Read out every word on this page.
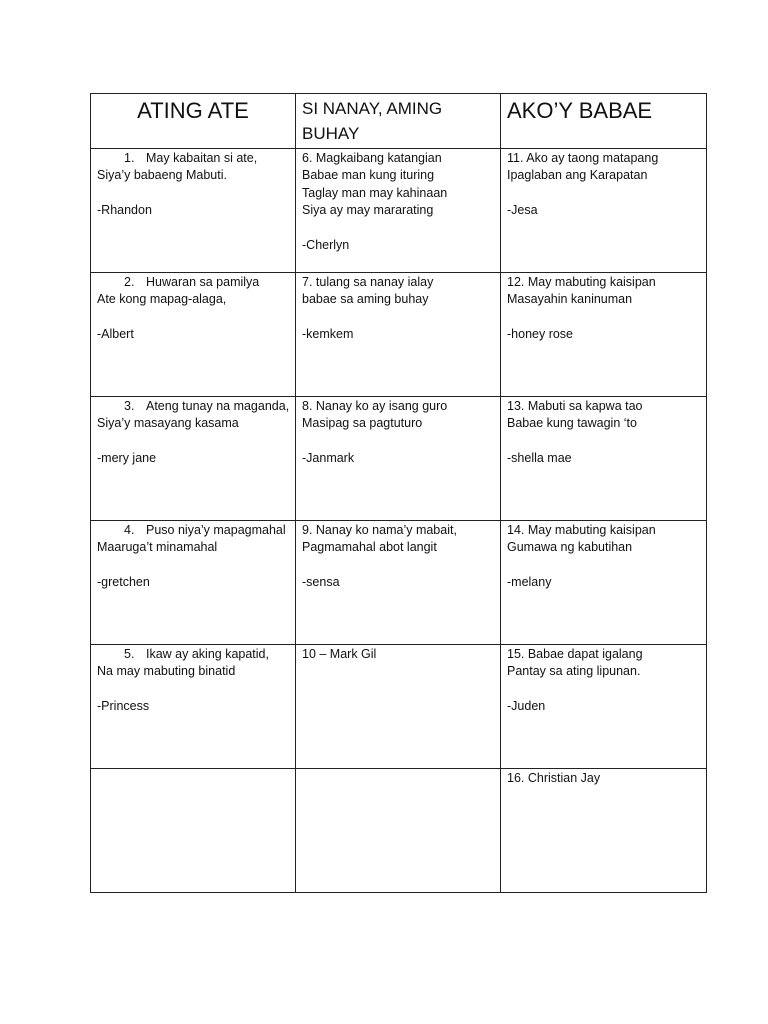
ATING ATE	SI NANAY, AMING BUHAY	AKO’Y BABAE

1. May kabaitan si ate,
Siya’y babaeng Mabuti.
-Rhandon	6. Magkaibang katangian
Babae man kung ituring
Taglay man may kahinaan
Siya ay may mararating
-Cherlyn	11. Ako ay taong matapang
Ipaglaban ang Karapatan
-Jesa

2. Huwaran sa pamilya
Ate kong mapag-alaga,
-Albert	7. tulang sa nanay ialay
babae sa aming buhay
-kemkem	12. May mabuting kaisipan
Masayahin kaninuman
-honey rose

3. Ateng tunay na maganda,
Siya’y masayang kasama
-mery jane	8. Nanay ko ay isang guro
Masipag sa pagtuturo
-Janmark	13. Mabuti sa kapwa tao
Babae kung tawagin ‘to
-shella mae

4. Puso niya’y mapagmahal
Maaruga’t minamahal
-gretchen	9. Nanay ko nama’y mabait,
Pagmamahal abot langit
-sensa	14. May mabuting kaisipan
Gumawa ng kabutihan
-melany

5. Ikaw ay aking kapatid,
Na may mabuting binatid
-Princess	10 – Mark Gil	15. Babae dapat igalang
Pantay sa ating lipunan.
-Juden

		16. Christian Jay
